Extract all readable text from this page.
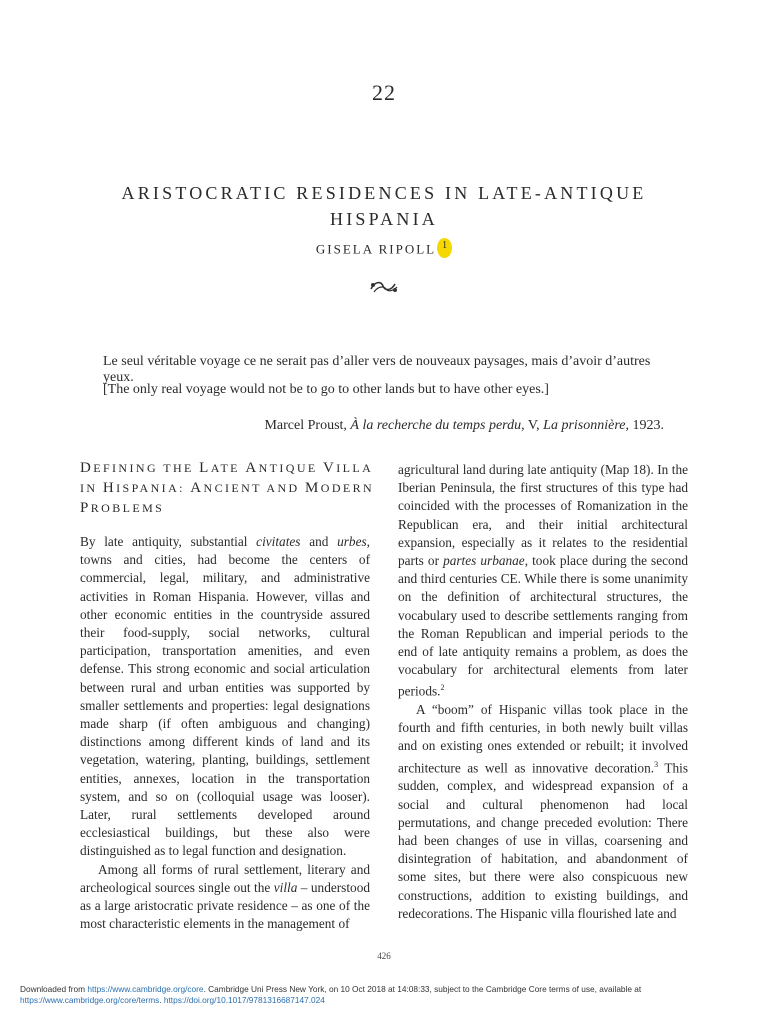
22
ARISTOCRATIC RESIDENCES IN LATE-ANTIQUE
HISPANIA
GISELA RIPOLL 1
Le seul véritable voyage ce ne serait pas d’aller vers de nouveaux paysages, mais d’avoir d’autres yeux.
[The only real voyage would not be to go to other lands but to have other eyes.]
Marcel Proust, À la recherche du temps perdu, V, La prisonnière, 1923.
DEFINING THE LATE ANTIQUE VILLA
IN HISPANIA: ANCIENT AND MODERN
PROBLEMS

By late antiquity, substantial civitates and urbes, towns and cities, had become the centers of commercial, legal, military, and administrative activities in Roman Hispania. However, villas and other economic entities in the countryside assured their food-supply, social networks, cultural participation, transportation amenities, and even defense. This strong economic and social articulation between rural and urban entities was supported by smaller settlements and properties: legal designations made sharp (if often ambiguous and changing) distinctions among different kinds of land and its vegetation, watering, planting, buildings, settlement entities, annexes, location in the transportation system, and so on (colloquial usage was looser). Later, rural settlements developed around ecclesiastical buildings, but these also were distinguished as to legal function and designation.

Among all forms of rural settlement, literary and archeological sources single out the villa – understood as a large aristocratic private residence – as one of the most characteristic elements in the management of

agricultural land during late antiquity (Map 18). In the Iberian Peninsula, the first structures of this type had coincided with the processes of Romanization in the Republican era, and their initial architectural expansion, especially as it relates to the residential parts or partes urbanae, took place during the second and third centuries CE. While there is some unanimity on the definition of architectural structures, the vocabulary used to describe settlements ranging from the Roman Republican and imperial periods to the end of late antiquity remains a problem, as does the vocabulary for architectural elements from later periods.$^2$

A “boom” of Hispanic villas took place in the fourth and fifth centuries, in both newly built villas and on existing ones extended or rebuilt; it involved architecture as well as innovative decoration.$^3$ This sudden, complex, and widespread expansion of a social and cultural phenomenon had local permutations, and change preceded evolution: There had been changes of use in villas, coarsening and disintegration of habitation, and abandonment of some sites, but there were also conspicuous new constructions, addition to existing buildings, and redecorations. The Hispanic villa flourished late and

426
Downloaded from https://www.cambridge.org/core. Cambridge Uni Press New York, on 10 Oct 2018 at 14:08:33, subject to the Cambridge Core terms of use, available at
https://www.cambridge.org/core/terms. https://doi.org/10.1017/9781316687147.024
